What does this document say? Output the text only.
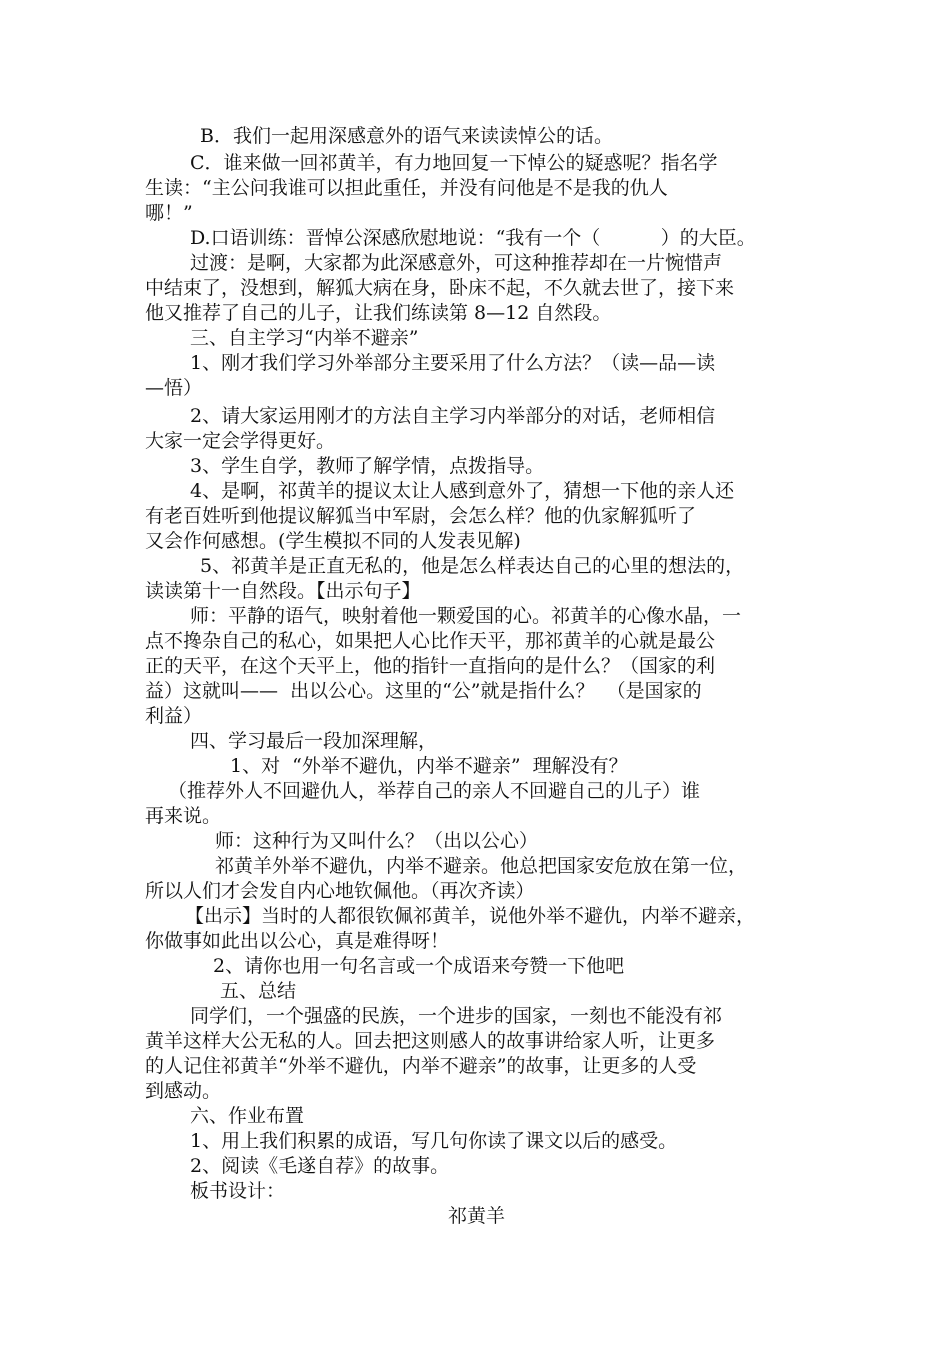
B．我们一起用深感意外的语气来读读悼公的话。

C．谁来做一回祁黄羊，有力地回复一下悼公的疑惑呢？指名学

生读：“主公问我谁可以担此重任，并没有问他是不是我的仇人

哪！”

D.口语训练：晋悼公深感欣慰地说：“我有一个（          ）的大臣。

过渡：是啊，大家都为此深感意外，可这种推荐却在一片惋惜声

中结束了，没想到，解狐大病在身，卧床不起，不久就去世了，接下来

他又推荐了自己的儿子，让我们练读第 8—12 自然段。

三、自主学习“内举不避亲”

1、刚才我们学习外举部分主要采用了什么方法？（读—品—读

—悟）

2、请大家运用刚才的方法自主学习内举部分的对话，老师相信

大家一定会学得更好。

3、学生自学，教师了解学情，点拨指导。

4、是啊，祁黄羊的提议太让人感到意外了，猜想一下他的亲人还

有老百姓听到他提议解狐当中军尉，会怎么样？他的仇家解狐听了

又会作何感想。(学生模拟不同的人发表见解)

5、祁黄羊是正直无私的，他是怎么样表达自己的心里的想法的，

读读第十一自然段。【出示句子】

师：平静的语气，映射着他一颗爱国的心。祁黄羊的心像水晶，一

点不搀杂自己的私心，如果把人心比作天平，那祁黄羊的心就是最公

正的天平，在这个天平上，他的指针一直指向的是什么？（国家的利

益）这就叫——  出以公心。这里的“公”就是指什么？  （是国家的

利益）

四、学习最后一段加深理解，

1、对  “外举不避仇，内举不避亲”  理解没有？

（推荐外人不回避仇人，举荐自己的亲人不回避自己的儿子）谁

再来说。

师：这种行为又叫什么？（出以公心）

祁黄羊外举不避仇，内举不避亲。他总把国家安危放在第一位，

所以人们才会发自内心地钦佩他。（再次齐读）

【出示】当时的人都很钦佩祁黄羊，说他外举不避仇，内举不避亲，

你做事如此出以公心，真是难得呀！

2、请你也用一句名言或一个成语来夸赞一下他吧

五、总结

同学们，一个强盛的民族，一个进步的国家，一刻也不能没有祁

黄羊这样大公无私的人。回去把这则感人的故事讲给家人听，让更多

的人记住祁黄羊“外举不避仇，内举不避亲”的故事，让更多的人受

到感动。

六、作业布置

1、用上我们积累的成语，写几句你读了课文以后的感受。

2、阅读《毛遂自荐》的故事。

板书设计：

祁黄羊
